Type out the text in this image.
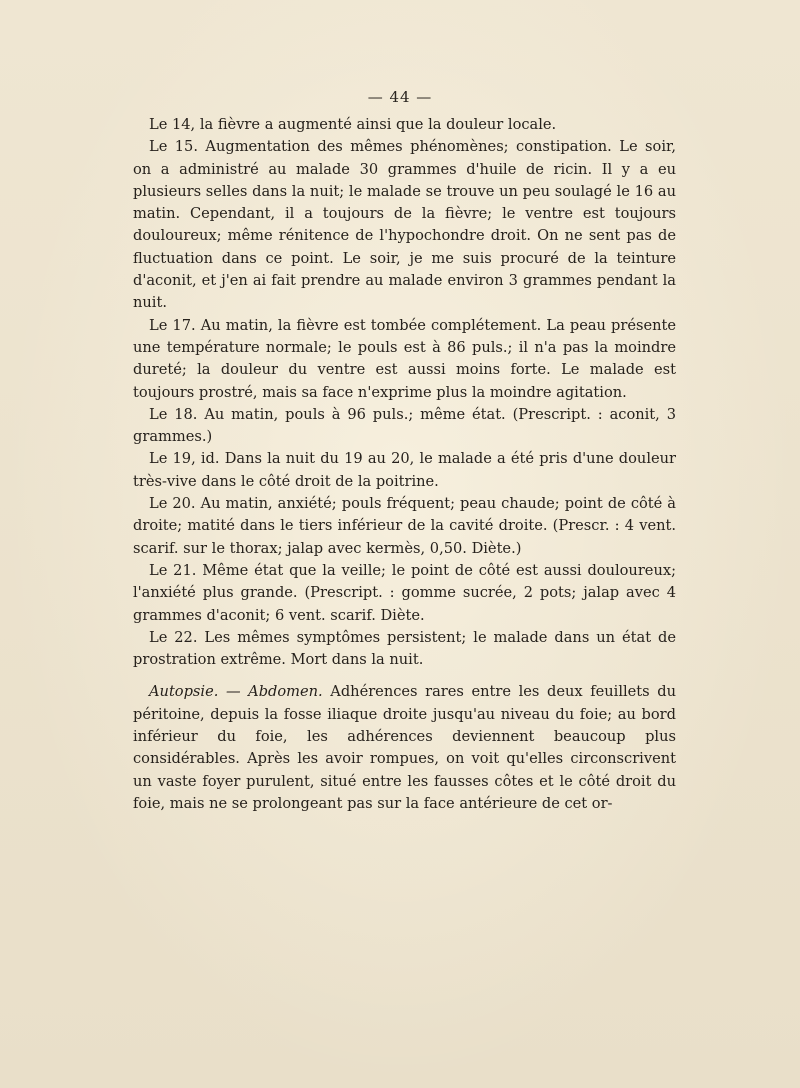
— 44 —

Le 14, la fièvre a augmenté ainsi que la douleur locale.

Le 15. Augmentation des mêmes phénomènes; constipation. Le soir, on a administré au malade 30 grammes d'huile de ricin. Il y a eu plusieurs selles dans la nuit; le malade se trouve un peu soulagé le 16 au matin. Cependant, il a toujours de la fièvre; le ventre est toujours douloureux; même rénitence de l'hypochondre droit. On ne sent pas de fluctuation dans ce point. Le soir, je me suis procuré de la teinture d'aconit, et j'en ai fait prendre au malade environ 3 grammes pendant la nuit.

Le 17. Au matin, la fièvre est tombée complétement. La peau présente une température normale; le pouls est à 86 puls.; il n'a pas la moindre dureté; la douleur du ventre est aussi moins forte. Le malade est toujours prostré, mais sa face n'exprime plus la moindre agitation.

Le 18. Au matin, pouls à 96 puls.; même état. (Prescript. : aconit, 3 grammes.)

Le 19, id. Dans la nuit du 19 au 20, le malade a été pris d'une douleur très-vive dans le côté droit de la poitrine.

Le 20. Au matin, anxiété; pouls fréquent; peau chaude; point de côté à droite; matité dans le tiers inférieur de la cavité droite. (Prescr. : 4 vent. scarif. sur le thorax; jalap avec kermès, 0,50. Diète.)

Le 21. Même état que la veille; le point de côté est aussi douloureux; l'anxiété plus grande. (Prescript. : gomme sucrée, 2 pots; jalap avec 4 grammes d'aconit; 6 vent. scarif. Diète.

Le 22. Les mêmes symptômes persistent; le malade dans un état de prostration extrême. Mort dans la nuit.

Autopsie. — Abdomen. Adhérences rares entre les deux feuillets du péritoine, depuis la fosse iliaque droite jusqu'au niveau du foie; au bord inférieur du foie, les adhérences deviennent beaucoup plus considérables. Après les avoir rompues, on voit qu'elles circonscrivent un vaste foyer purulent, situé entre les fausses côtes et le côté droit du foie, mais ne se prolongeant pas sur la face antérieure de cet or-
